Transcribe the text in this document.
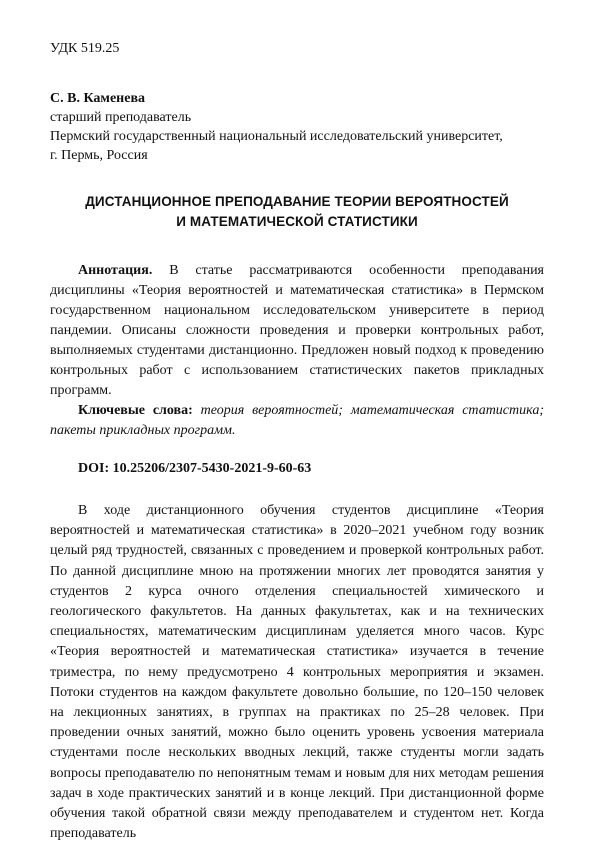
УДК 519.25

С. В. Каменева

старший преподаватель

Пермский государственный национальный исследовательский университет,

г. Пермь, Россия

ДИСТАНЦИОННОЕ ПРЕПОДАВАНИЕ ТЕОРИИ ВЕРОЯТНОСТЕЙ
И МАТЕМАТИЧЕСКОЙ СТАТИСТИКИ

Аннотация. В статье рассматриваются особенности преподавания дисциплины «Теория вероятностей и математическая статистика» в Пермском государственном национальном исследовательском университете в период пандемии. Описаны сложности проведения и проверки контрольных работ, выполняемых студентами дистанционно. Предложен новый подход к проведению контрольных работ с использованием статистических пакетов прикладных программ.

Ключевые слова: теория вероятностей; математическая статистика; пакеты прикладных программ.

DOI: 10.25206/2307-5430-2021-9-60-63

В ходе дистанционного обучения студентов дисциплине «Теория вероятностей и математическая статистика» в 2020–2021 учебном году возник целый ряд трудностей, связанных с проведением и проверкой контрольных работ. По данной дисциплине мною на протяжении многих лет проводятся занятия у студентов 2 курса очного отделения специальностей химического и геологического факультетов. На данных факультетах, как и на технических специальностях, математическим дисциплинам уделяется много часов. Курс «Теория вероятностей и математическая статистика» изучается в течение триместра, по нему предусмотрено 4 контрольных мероприятия и экзамен. Потоки студентов на каждом факультете довольно большие, по 120–150 человек на лекционных занятиях, в группах на практиках по 25–28 человек. При проведении очных занятий, можно было оценить уровень усвоения материала студентами после нескольких вводных лекций, также студенты могли задать вопросы преподавателю по непонятным темам и новым для них методам решения задач в ходе практических занятий и в конце лекций. При дистанционной форме обучения такой обратной связи между преподавателем и студентом нет. Когда преподаватель
